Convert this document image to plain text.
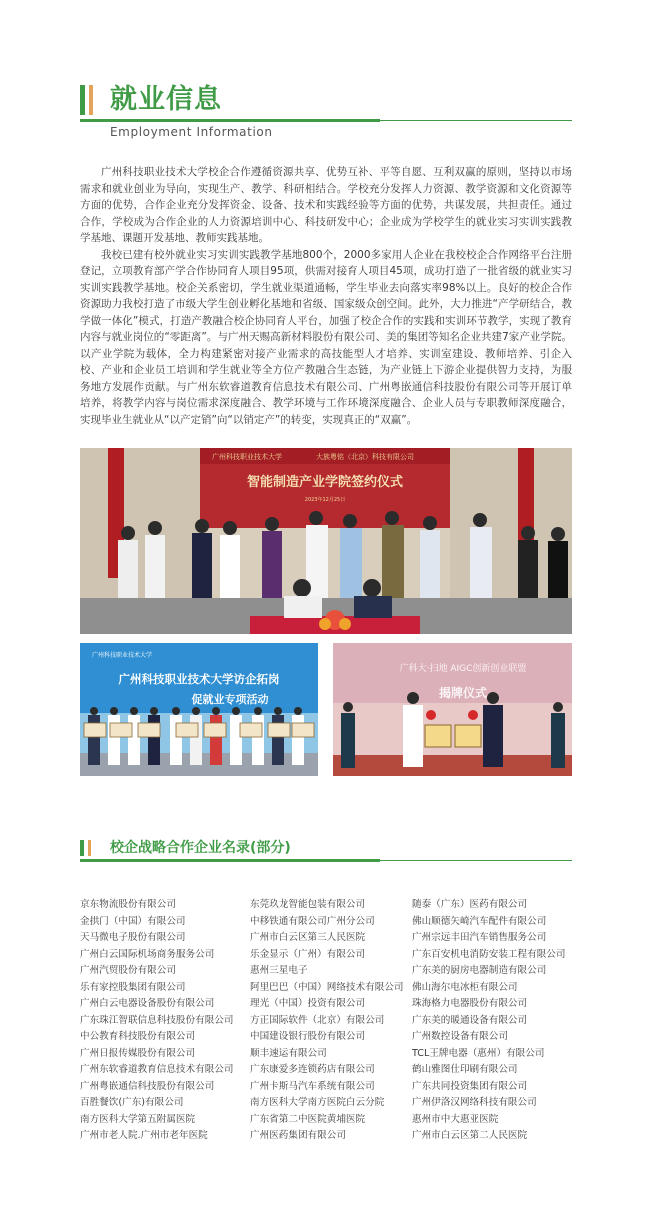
就业信息
Employment Information

广州科技职业技术大学校企合作遵循资源共享、优势互补、平等自愿、互利双赢的原则，坚持以市场需求和就业创业为导向，实现生产、教学、科研相结合。学校充分发挥人力资源、教学资源和文化资源等方面的优势，合作企业充分发挥资金、设备、技术和实践经验等方面的优势，共谋发展，共担责任。通过合作，学校成为合作企业的人力资源培训中心、科技研发中心；企业成为学校学生的就业实习实训实践教学基地、课题开发基地、教师实践基地。

我校已建有校外就业实习实训实践教学基地800个，2000多家用人企业在我校校企合作网络平台注册登记，立项教育部产学合作协同育人项目95项，供需对接育人项目45项，成功打造了一批省级的就业实习实训实践教学基地。校企关系密切，学生就业渠道通畅，学生毕业去向落实率98%以上。良好的校企合作资源助力我校打造了市级大学生创业孵化基地和省级、国家级众创空间。此外，大力推进“产学研结合，教学做一体化”模式，打造产教融合校企协同育人平台，加强了校企合作的实践和实训环节教学，实现了教育内容与就业岗位的“零距离”。与广州天赐高新材料股份有限公司、美的集团等知名企业共建7家产业学院。以产业学院为载体，全力构建紧密对接产业需求的高技能型人才培养、实训室建设、教师培养、引企入校、产业和企业员工培训和学生就业等全方位产教融合生态链，为产业链上下游企业提供智力支持，为服务地方发展作贡献。与广州东软睿道教育信息技术有限公司、广州粤嵌通信科技股份有限公司等开展订单培养，将教学内容与岗位需求深度融合、教学环境与工作环境深度融合、企业人员与专职教师深度融合，实现毕业生就业从“以产定销”向“以销定产”的转变，实现真正的“双赢”。

广州科技职业技术大学	大族粤铭（北京）科技有限公司
智能制造产业学院签约仪式
2023年12月25日
广州科技职业技术大学
广州科技职业技术大学访企拓岗
促就业专项活动
广科大·扫地 AIGC创新创业联盟
揭牌仪式
校企战略合作企业名录(部分)
京东物流股份有限公司
金拱门（中国）有限公司
天马微电子股份有限公司
广州白云国际机场商务服务公司
广州汽贸股份有限公司
乐有家控股集团有限公司
广州白云电器设备股份有限公司
广东珠江智联信息科技股份有限公司
中公教育科技股份有限公司
广州日报传媒股份有限公司
广州东软睿道教育信息技术有限公司
广州粤嵌通信科技股份有限公司
百胜餐饮(广东)有限公司
南方医科大学第五附属医院
广州市老人院.广州市老年医院
东莞玖龙智能包装有限公司
中移铁通有限公司广州分公司
广州市白云区第三人民医院
乐金显示（广州）有限公司
惠州三星电子
阿里巴巴（中国）网络技术有限公司
理光（中国）投资有限公司
方正国际软件（北京）有限公司
中国建设银行股份有限公司
顺丰速运有限公司
广东康爱多连锁药店有限公司
广州卡斯马汽车系统有限公司
南方医科大学南方医院白云分院
广东省第二中医院黄埔医院
广州医药集团有限公司
随泰（广东）医药有限公司
佛山顺德矢崎汽车配件有限公司
广州宗远丰田汽车销售服务公司
广东百安机电消防安装工程有限公司
广东美的厨房电器制造有限公司
佛山海尔电冰柜有限公司
珠海格力电器股份有限公司
广东美的暖通设备有限公司
广州数控设备有限公司
TCL王牌电器（惠州）有限公司
鹤山雅图仕印刷有限公司
广东共同投资集团有限公司
广州伊洛汉网络科技有限公司
惠州市中大惠亚医院
广州市白云区第二人民医院
